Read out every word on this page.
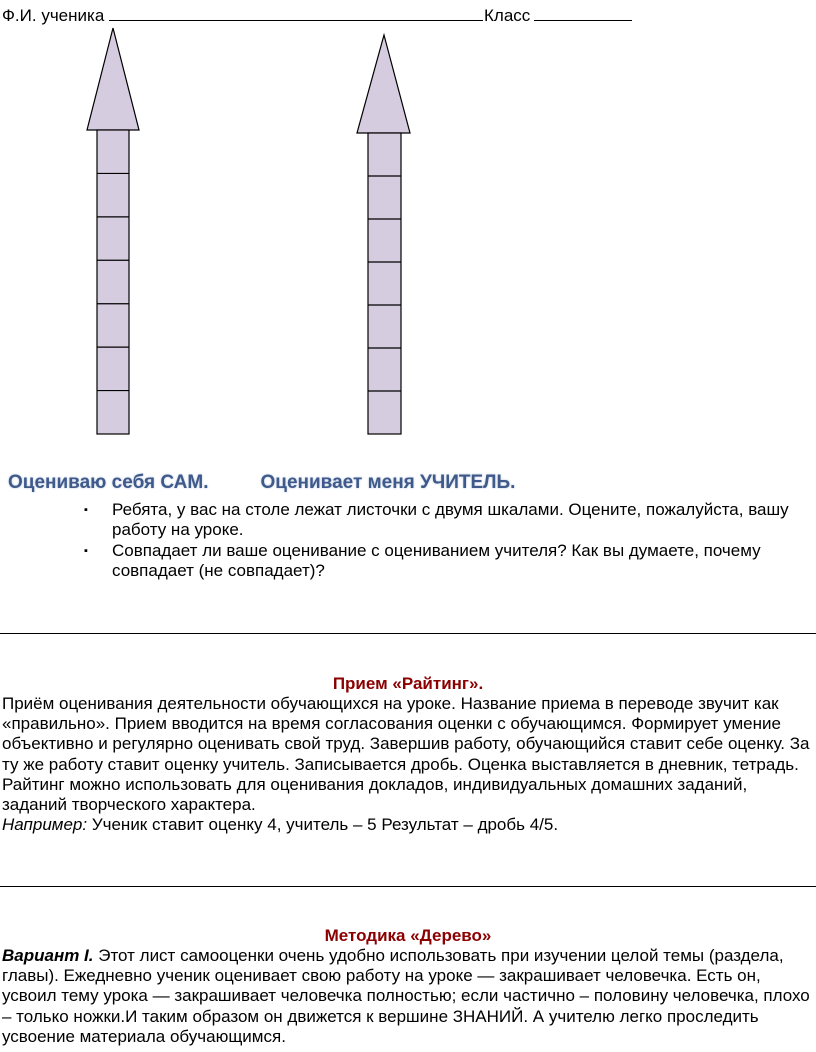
Ф.И. ученика	Класс
Оцениваю себя САМ.	Оценивает меня УЧИТЕЛЬ.
▪ Ребята, у вас на столе лежат листочки с двумя шкалами. Оцените, пожалуйста, вашу работу на уроке.
▪ Совпадает ли ваше оценивание с оцениванием учителя? Как вы думаете, почему совпадает (не совпадает)?
Прием «Райтинг».
Приём оценивания деятельности обучающихся на уроке. Название приема в переводе звучит как «правильно». Прием вводится на время согласования оценки с обучающимся. Формирует умение объективно и регулярно оценивать свой труд. Завершив работу, обучающийся ставит себе оценку. За ту же работу ставит оценку учитель. Записывается дробь. Оценка выставляется в дневник, тетрадь. Райтинг можно использовать для оценивания докладов, индивидуальных домашних заданий, заданий творческого характера.
Например: Ученик ставит оценку 4, учитель – 5 Результат – дробь 4/5.
Методика «Дерево»
Вариант I. Этот лист самооценки очень удобно использовать при изучении целой темы (раздела, главы). Ежедневно ученик оценивает свою работу на уроке — закрашивает человечка. Есть он, усвоил тему урока — закрашивает человечка полностью; если частично – половину человечка, плохо – только ножки.И таким образом он движется к вершине ЗНАНИЙ. А учителю легко проследить усвоение материала обучающимся.
